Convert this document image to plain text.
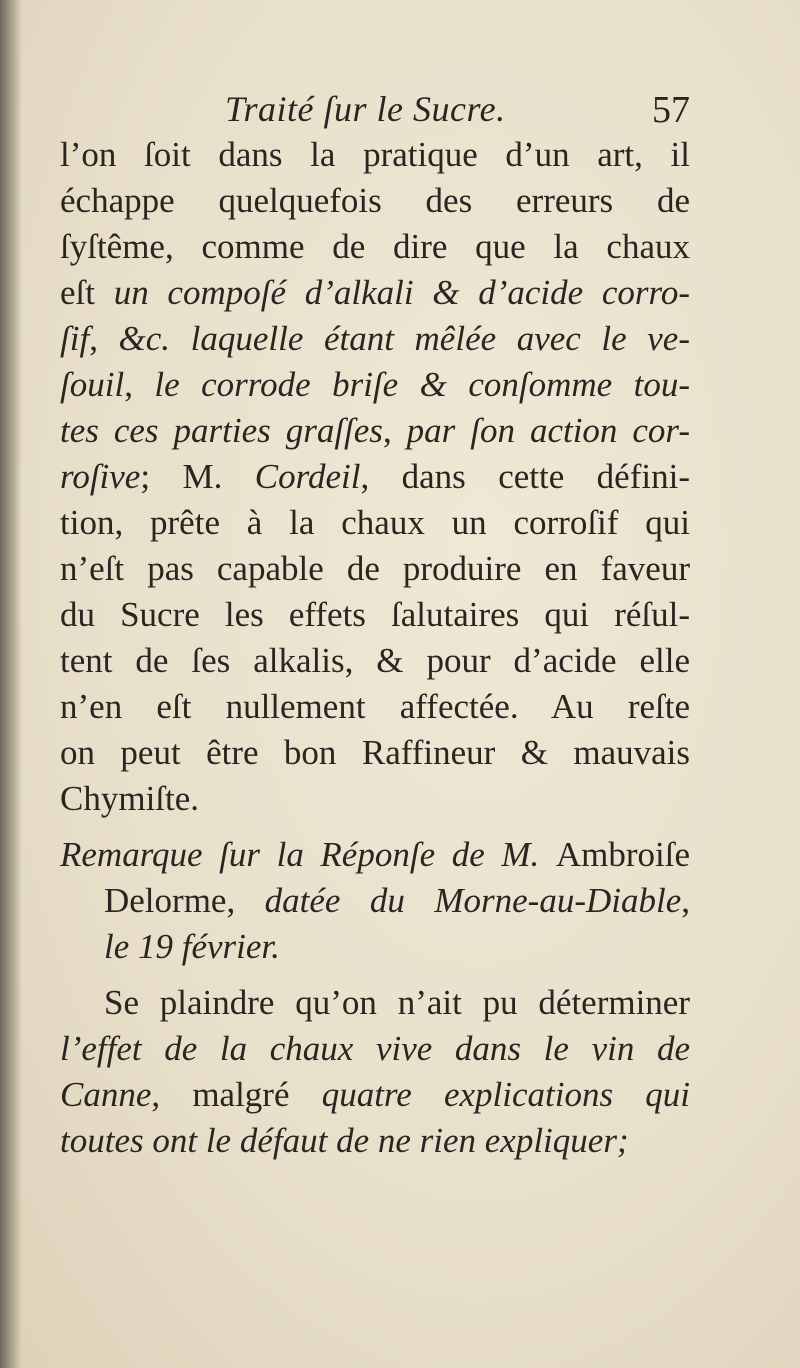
Traité ſur le Sucre.	57
l’on ſoit dans la pratique d’un art, il
échappe quelquefois des erreurs de
ſyſtême, comme de dire que la chaux
eſt un compoſé d’alkali & d’acide corro-
ſif, &c. laquelle étant mêlée avec le ve-
ſouil, le corrode briſe & conſomme tou-
tes ces parties graſſes, par ſon action cor-
roſive; M. Cordeil, dans cette défini-
tion, prête à la chaux un corroſif qui
n’eſt pas capable de produire en faveur
du Sucre les effets ſalutaires qui réſul-
tent de ſes alkalis, & pour d’acide elle
n’en eſt nullement affectée. Au reſte
on peut être bon Raffineur & mauvais
Chymiſte.
Remarque ſur la Réponſe de M. Ambroiſe
Delorme, datée du Morne-au-Diable,
le 19 février.
Se plaindre qu’on n’ait pu déterminer
l’effet de la chaux vive dans le vin de
Canne, malgré quatre explications qui
toutes ont le défaut de ne rien expliquer;
